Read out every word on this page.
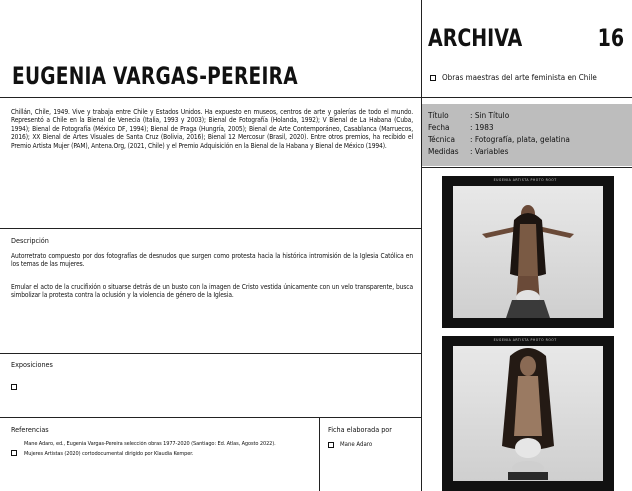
EUGENIA VARGAS-PEREIRA
ARCHIVA	16
Obras maestras del arte feminista en Chile
Chillán, Chile, 1949. Vive y trabaja entre Chile y Estados Unidos. Ha expuesto en museos, centros de arte y galerías de todo el mundo. Representó a Chile en la Bienal de Venecia (Italia, 1993 y 2003); Bienal de Fotografía (Holanda, 1992); V Bienal de La Habana (Cuba, 1994); Bienal de Fotografía (México DF, 1994); Bienal de Praga (Hungría, 2005); Bienal de Arte Contemporáneo, Casablanca (Marruecos, 2016); XX Bienal de Artes Visuales de Santa Cruz (Bolivia, 2016); Bienal 12 Mercosur (Brasil, 2020). Entre otros premios, ha recibido el Premio Artista Mujer (PAM), Antena.Org, (2021, Chile) y el Premio Adquisición en la Bienal de la Habana y Bienal de México (1994).
Título	: Sin Título
Fecha : 1983
Técnica : Fotografía, plata, gelatina
Medidas : Variables
Descripción
Autorretrato compuesto por dos fotografías de desnudos que surgen como protesta hacia la histórica intromisión de la Iglesia Católica en los temas de las mujeres.
Emular el acto de la crucifixión o situarse detrás de un busto con la imagen de Cristo vestida únicamente con un velo transparente, busca simbolizar la protesta contra la oclusión y la violencia de género de la Iglesia.
Exposiciones
Referencias
Mane Adaro, ed., Eugenia Vargas-Pereira selección obras 1977-2020 (Santiago: Ed. Atlas, Agosto 2022).
Mujeres Artistas (2020) cortodocumental dirigido por Klaudia Kemper.
Ficha elaborada por
Mane Adaro
EUGENIA ARTISTA PHOTO ROOT
EUGENIA ARTISTA PHOTO ROOT
